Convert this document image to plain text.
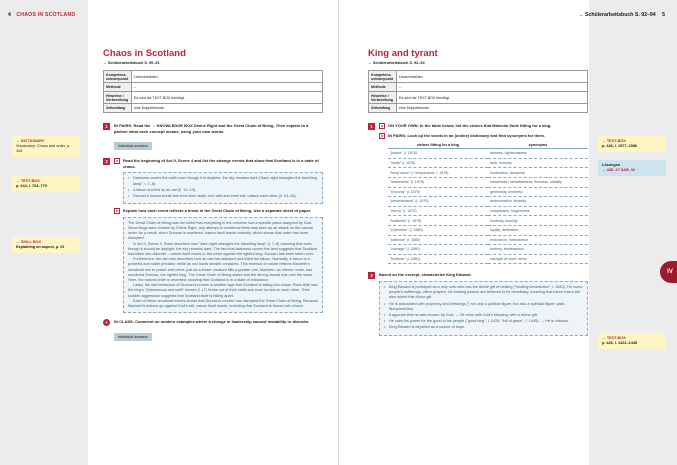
4 CHAOS IN SCOTLAND	→ Schülerarbeitsbuch S. 92–94 5
Chaos in Scotland
→ Schülerarbeitsbuch S. 90–91
Kompetenz-schwerpunkt	Leseverstehen
Methode	–
Hinweise / Vorbereitung	Es wird die TEXT-BOX benötigt.
Zeitumfang	eine Doppelstunde
1	IN PAIRS: Read the → KNOWLEDGE BOX Divine Right and the Great Chain of Being. Then explain to a partner what each concept means, using your own words.
Individual answers
2	a	Read the beginning of Act II, Scene 4 and list the strange events that show that Scotland is in a state of chaos.
• Darkness covers the earth even though it is daytime, the sky remains dark ("dark night strangles the travelling lamp", l. 7–8).
• A falcon is killed by an owl (ll. 12–13).
• Duncan's horses break free from their stalls, turn wild and even eat / attack each other (ll. 14–18).
b	Explain how each event reflects a break in the Great Chain of Being. Use a separate sheet of paper.

The Great Chain of Being was the belief that everything in the universe had a specific place assigned by God. Since kings were chosen by Divine Right, any attempt to overthrow them was seen as an attack on the natural order. As a result, when Duncan is murdered, nature itself reacts violently, which shows that order has been disrupted.

In Act II, Scene 4, Ross describes how "dark night strangles the travelling lamp" (l. 7–8) meaning that even though it should be daylight, the sky remains dark. The fact that darkness covers the land suggests that Scotland has fallen into disorder – nature itself reacts to the crime against the rightful king. Duncan has been taken over.

Furthermore, the old man describes how an owl has attacked and killed the falcon. Normally, a falcon is a powerful and noble predator, while an owl hunts smaller creatures. This reversal of nature reflects Macbeth's unnatural rise to power and crime: just as a lesser creature kills a greater one, Macbeth, an inferior noble, has murdered Duncan, the rightful king. The Great Chain of Being states that the strong should rule over the weak. Here, the natural order is reversed, showing that Scotland is in a state of imbalance.

Lastly, the wild behaviour of Duncan's horses is another sign that Scotland is falling into chaos. Ross tells how the king's "(b)eauteous and swift" horses (l. 17) broke out of their stalls and even turned on each other. Their sudden aggression suggests that Scotland itself is falling apart.

Each of these unnatural events shows that Duncan's murder has disrupted the Great Chain of Being. Because Macbeth's actions go against God's will, nature itself reacts, revealing that Scotland is thrown into chaos.

+	IN CLASS: Comment on modern examples where a change in leadership caused instability or disorder.
Individual answers
→ DICTIONARY
Vocabulary: Chaos and order, p. 104
→ TEXT-BOX
p. 444, l. 763–779
→ SKILL BOX
Explaining an aspect, p. 91
King and tyrant
→ Schülerarbeitsbuch S. 92–94
Kompetenz-schwerpunkt	Leseverstehen
Methode	–
Hinweise / Vorbereitung	Es wird die TEXT-BOX benötigt.
Zeitumfang	eine Doppelstunde
1	a	ON YOUR OWN: In the table below, list the virtues that Malcolm finds fitting for a king.
b	IN PAIRS: Look up the words in an (online) dictionary and find synonyms for them.
virtues fitting for a king	synonyms
"justice" (l. 1578)	fairness, righteousness
"verity" (l. 1578)	truth, honesty
"temp'rance" (= temperance, l. 1578)	moderation, discipline
"stableness" (l. 1578)	steadiness / steadfastness, firmness, stability
"(b)ounty" (l. 1579)	generosity, kindness
"perseverance" (l. 1579)	determination, tenacity
"mercy" (l. 1579)	compassion, forgiveness
"lowliness" (l. 1579)	modesty, humility
"(d)evotion" (l. 1580)	loyalty, dedication
"patience" (l. 1580)	endurance, forbearance
"courage" (l. 1580)	bravery, fearlessness
"fortitude" (l. 1580)	strength of mind, nerve
2	Based on the excerpt, characterize King Edward.
• King Edward is portrayed as a holy ruler who has the divine gift of healing ("healing benediction", l. 1642). He cures people's sufferings, offers prayers; his healing powers are believed to be hereditary, meaning that future rulers will also inherit this divine gift.
• He is associated with prophecy and blessings (" not only a political figure, but also a spiritual figure; saint-like/priest-like).
• It appears that he was chosen by God. → He rules with God's blessing: with a divine gift.
• He uses his power for the good of his people ("good king", l. 1433; "full of grace", l. 1445). → He is virtuous.
• King Edward is depicted as a source of hope.
→ TEXT-BOX
p. 446, l. 1577–1586
Lösungen
→ ABL 27 SAB_92
→ TEXT-BOX
p. 446, l. 1422–1445
IV
